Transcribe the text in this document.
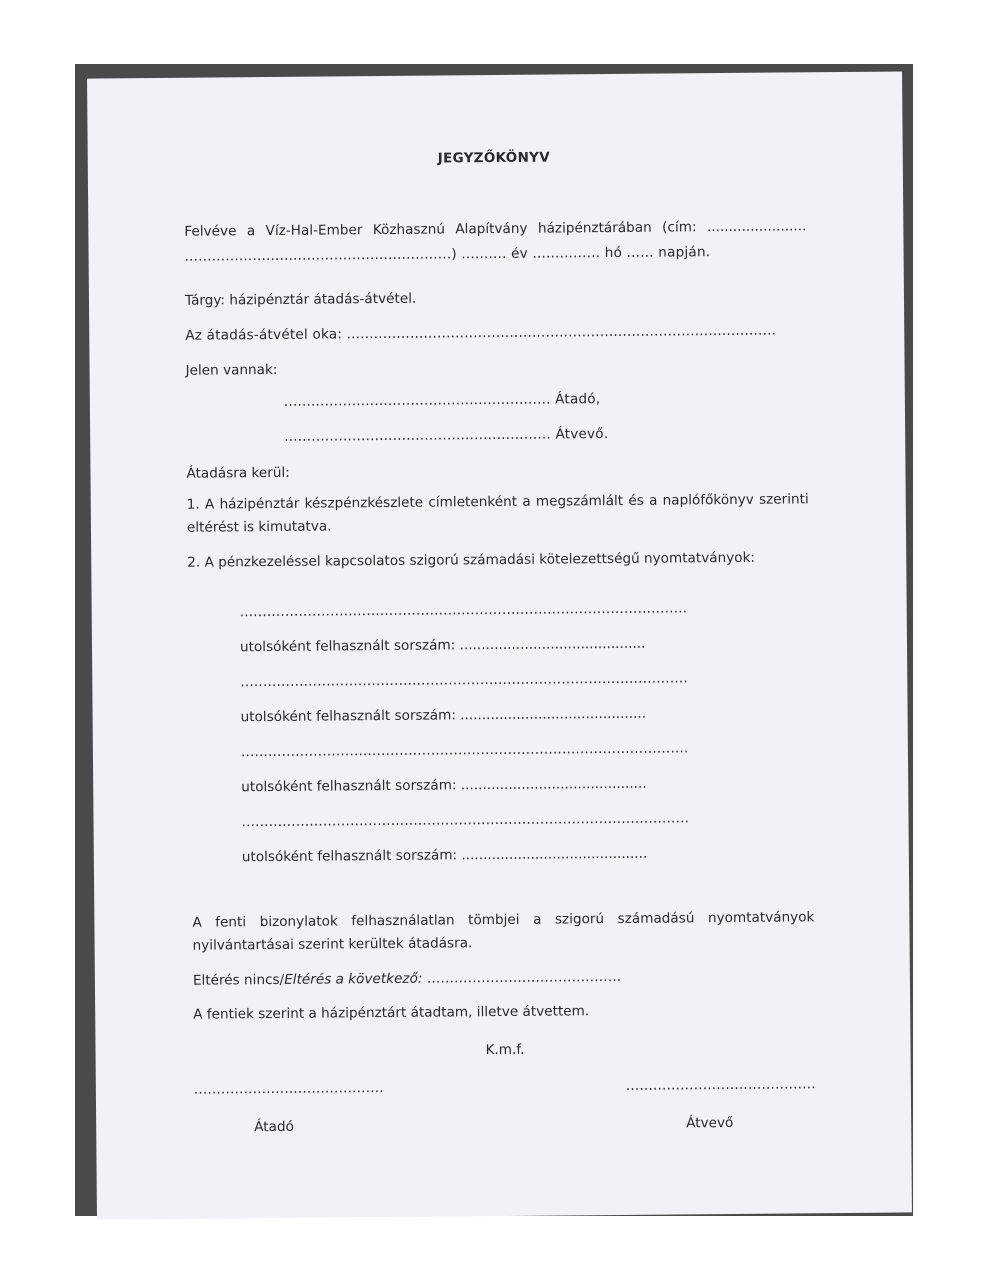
JEGYZŐKÖNYV
Felvéve a Víz-Hal-Ember Közhasznú Alapítvány házipénztárában (cím: .......................
...........................................................) .......... év ............... hó ...... napján.
Tárgy: házipénztár átadás-átvétel.
Az átadás-átvétel oka: ...............................................................................................
Jelen vannak:
........................................................... Átadó,
........................................................... Átvevő.
Átadásra kerül:
1. A házipénztár készpénzkészlete címletenként a megszámlált és a naplófőkönyv szerinti
eltérést is kimutatva.
2. A pénzkezeléssel kapcsolatos szigorú számadási kötelezettségű nyomtatványok:
...................................................................................................
utolsóként felhasznált sorszám: ...........................................
...................................................................................................
utolsóként felhasznált sorszám: ...........................................
...................................................................................................
utolsóként felhasznált sorszám: ...........................................
...................................................................................................
utolsóként felhasznált sorszám: ...........................................
A fenti bizonylatok felhasználatlan tömbjei a szigorú számadású nyomtatványok
nyilvántartásai szerint kerültek átadásra.
Eltérés nincs/Eltérés a következő: ...........................................
A fentiek szerint a házipénztárt átadtam, illetve átvettem.
K.m.f.
..........................................	..........................................
Átadó	Átvevő
